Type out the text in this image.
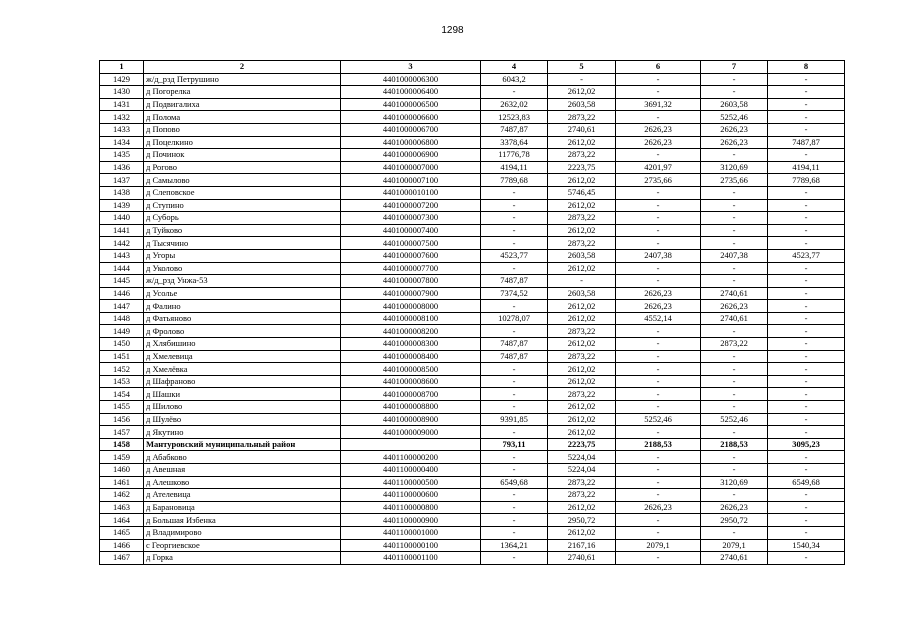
1298
1	2	3	4	5	6	7	8
1429	ж/д_рзд Петрушино	4401000006300	6043,2	-	-	-	-
1430	д Погорелка	4401000006400	-	2612,02	-	-	-
1431	д Подвигалиха	4401000006500	2632,02	2603,58	3691,32	2603,58	-
1432	д Полома	4401000006600	12523,83	2873,22	-	5252,46	-
1433	д Попово	4401000006700	7487,87	2740,61	2626,23	2626,23	-
1434	д Поцелкино	4401000006800	3378,64	2612,02	2626,23	2626,23	7487,87
1435	д Починок	4401000006900	11776,78	2873,22	-	-	-
1436	д Рогово	4401000007000	4194,11	2223,75	4201,97	3120,69	4194,11
1437	д Самылово	4401000007100	7789,68	2612,02	2735,66	2735,66	7789,68
1438	д Слеповское	4401000010100	-	5746,45	-	-	-
1439	д Ступино	4401000007200	-	2612,02	-	-	-
1440	д Суборь	4401000007300	-	2873,22	-	-	-
1441	д Туйково	4401000007400	-	2612,02	-	-	-
1442	д Тысячино	4401000007500	-	2873,22	-	-	-
1443	д Угоры	4401000007600	4523,77	2603,58	2407,38	2407,38	4523,77
1444	д Уколово	4401000007700	-	2612,02	-	-	-
1445	ж/д_рзд Унжа-53	4401000007800	7487,87	-	-	-	-
1446	д Усолье	4401000007900	7374,52	2603,58	2626,23	2740,61	-
1447	д Фалино	4401000008000	-	2612,02	2626,23	2626,23	-
1448	д Фатьяново	4401000008100	10278,07	2612,02	4552,14	2740,61	-
1449	д Фролово	4401000008200	-	2873,22	-	-	-
1450	д Хлябишино	4401000008300	7487,87	2612,02	-	2873,22	-
1451	д Хмелевица	4401000008400	7487,87	2873,22	-	-	-
1452	д Хмелёвка	4401000008500	-	2612,02	-	-	-
1453	д Шафраново	4401000008600	-	2612,02	-	-	-
1454	д Шашки	4401000008700	-	2873,22	-	-	-
1455	д Шилово	4401000008800	-	2612,02	-	-	-
1456	д Шулёво	4401000008900	9391,85	2612,02	5252,46	5252,46	-
1457	д Якутино	4401000009000	-	2612,02	-	-	-
1458	Мантуровский муниципальный район		793,11	2223,75	2188,53	2188,53	3095,23
1459	д Абабково	4401100000200	-	5224,04	-	-	-
1460	д Авешная	4401100000400	-	5224,04	-	-	-
1461	д Алешково	4401100000500	6549,68	2873,22	-	3120,69	6549,68
1462	д Ателевица	4401100000600	-	2873,22	-	-	-
1463	д Барановица	4401100000800	-	2612,02	2626,23	2626,23	-
1464	д Большая Избенка	4401100000900	-	2950,72	-	2950,72	-
1465	д Владимирово	4401100001000	-	2612,02	-	-	-
1466	с Георгиевское	4401100000100	1364,21	2167,16	2079,1	2079,1	1540,34
1467	д Горка	4401100001100	-	2740,61	-	2740,61	-
